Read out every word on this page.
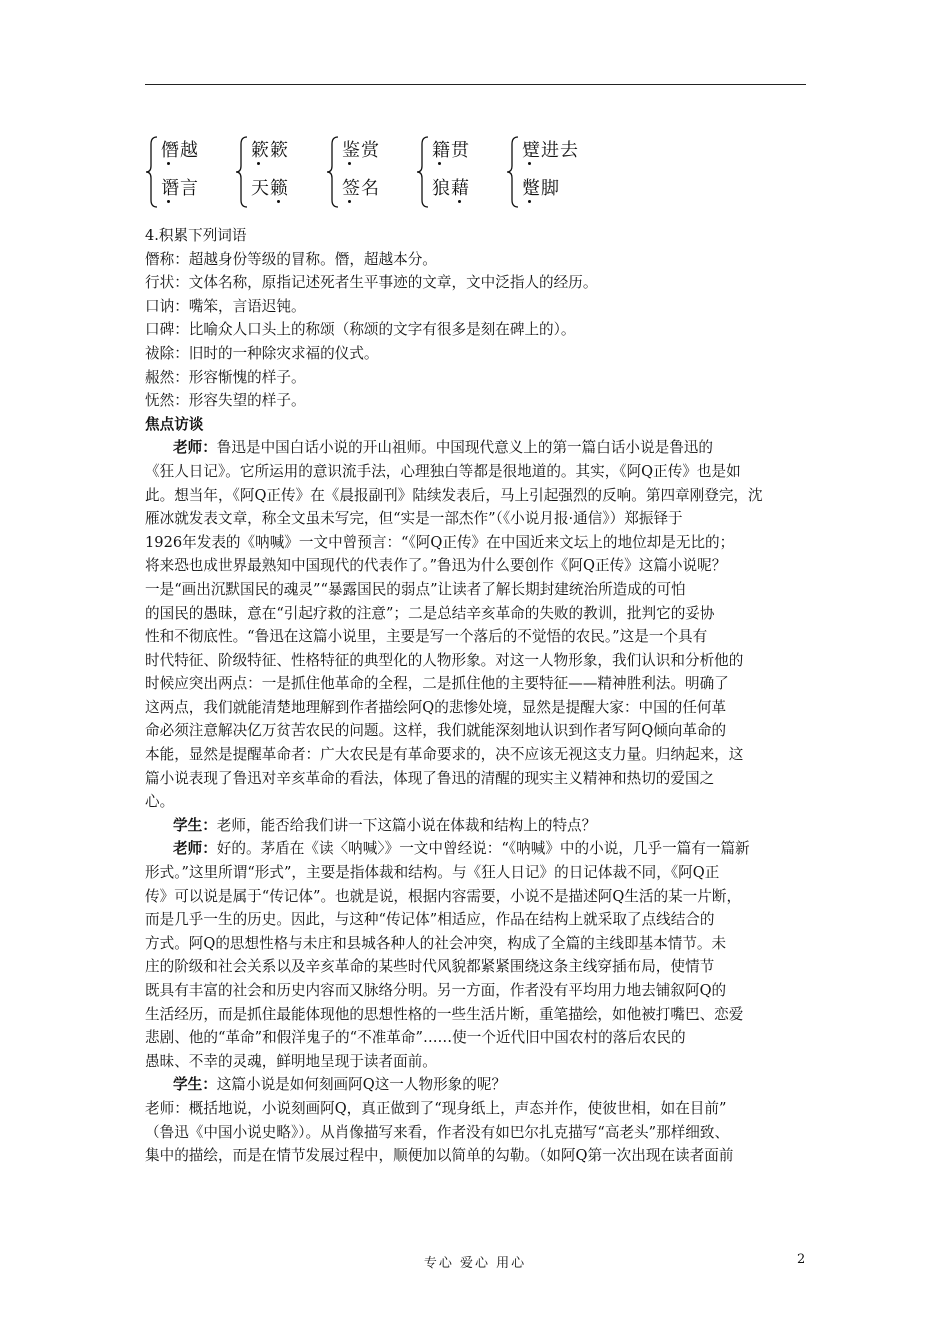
僭越
谮言
簌簌
天籁
鉴赏
签名
籍贯
狼藉
躄进去
蹩脚
4.积累下列词语
僭称：超越身份等级的冒称。僭，超越本分。
行状：文体名称，原指记述死者生平事迹的文章，文中泛指人的经历。
口讷：嘴笨，言语迟钝。
口碑：比喻众人口头上的称颂（称颂的文字有很多是刻在碑上的）。
祓除：旧时的一种除灾求福的仪式。
赧然：形容惭愧的样子。
怃然：形容失望的样子。
焦点访谈
老师：鲁迅是中国白话小说的开山祖师。中国现代意义上的第一篇白话小说是鲁迅的
《狂人日记》。它所运用的意识流手法，心理独白等都是很地道的。其实，《阿Q正传》也是如
此。想当年，《阿Q正传》在《晨报副刊》陆续发表后，马上引起强烈的反响。第四章刚登完，沈
雁冰就发表文章，称全文虽未写完，但“实是一部杰作”（《小说月报·通信》）郑振铎于
1926年发表的《呐喊》一文中曾预言：“《阿Q正传》在中国近来文坛上的地位却是无比的；
将来恐也成世界最熟知中国现代的代表作了。”鲁迅为什么要创作《阿Q正传》这篇小说呢？
一是“画出沉默国民的魂灵”“暴露国民的弱点”让读者了解长期封建统治所造成的可怕
的国民的愚昧，意在“引起疗救的注意”；二是总结辛亥革命的失败的教训，批判它的妥协
性和不彻底性。“鲁迅在这篇小说里，主要是写一个落后的不觉悟的农民。”这是一个具有
时代特征、阶级特征、性格特征的典型化的人物形象。对这一人物形象，我们认识和分析他的
时候应突出两点：一是抓住他革命的全程，二是抓住他的主要特征——精神胜利法。明确了
这两点，我们就能清楚地理解到作者描绘阿Q的悲惨处境，显然是提醒大家：中国的任何革
命必须注意解决亿万贫苦农民的问题。这样，我们就能深刻地认识到作者写阿Q倾向革命的
本能，显然是提醒革命者：广大农民是有革命要求的，决不应该无视这支力量。归纳起来，这
篇小说表现了鲁迅对辛亥革命的看法，体现了鲁迅的清醒的现实主义精神和热切的爱国之
心。
学生：老师，能否给我们讲一下这篇小说在体裁和结构上的特点？
老师：好的。茅盾在《读〈呐喊〉》一文中曾经说：“《呐喊》中的小说，几乎一篇有一篇新
形式。”这里所谓“形式”，主要是指体裁和结构。与《狂人日记》的日记体裁不同，《阿Q正
传》可以说是属于“传记体”。也就是说，根据内容需要，小说不是描述阿Q生活的某一片断，
而是几乎一生的历史。因此，与这种“传记体”相适应，作品在结构上就采取了点线结合的
方式。阿Q的思想性格与未庄和县城各种人的社会冲突，构成了全篇的主线即基本情节。未
庄的阶级和社会关系以及辛亥革命的某些时代风貌都紧紧围绕这条主线穿插布局，使情节
既具有丰富的社会和历史内容而又脉络分明。另一方面，作者没有平均用力地去铺叙阿Q的
生活经历，而是抓住最能体现他的思想性格的一些生活片断，重笔描绘，如他被打嘴巴、恋爱
悲剧、他的“革命”和假洋鬼子的“不准革命”……使一个近代旧中国农村的落后农民的
愚昧、不幸的灵魂，鲜明地呈现于读者面前。
学生：这篇小说是如何刻画阿Q这一人物形象的呢？
老师：概括地说，小说刻画阿Q，真正做到了“现身纸上，声态并作，使彼世相，如在目前”
（鲁迅《中国小说史略》）。从肖像描写来看，作者没有如巴尔扎克描写“高老头”那样细致、
集中的描绘，而是在情节发展过程中，顺便加以简单的勾勒。（如阿Q第一次出现在读者面前
专心 爱心 用心	2
